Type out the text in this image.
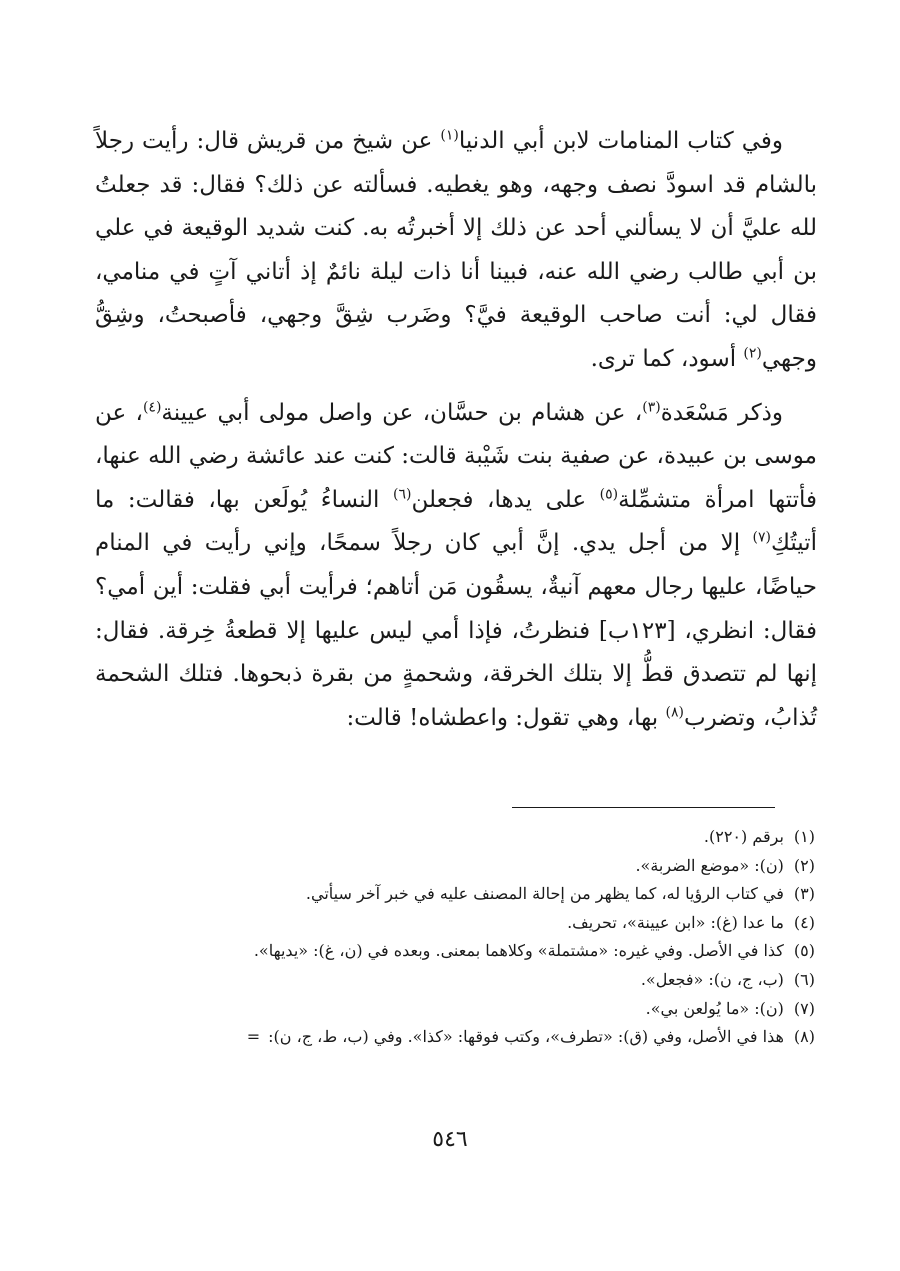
وفي كتاب المنامات لابن أبي الدنيا$^{(١)}$ عن شيخ من قريش قال: رأيت رجلاً بالشام قد اسودَّ نصف وجهه، وهو يغطيه. فسألته عن ذلك؟ فقال: قد جعلتُ لله عليَّ أن لا يسألني أحد عن ذلك إلا أخبرتُه به. كنت شديد الوقيعة في علي بن أبي طالب رضي الله عنه، فبينا أنا ذات ليلة نائمٌ إذ أتاني آتٍ في منامي، فقال لي: أنت صاحب الوقيعة فيَّ؟ وضَرب شِقَّ وجهي، فأصبحتُ، وشِقُّ وجهي$^{(٢)}$ أسود، كما ترى.

وذكر مَسْعَدة$^{(٣)}$، عن هشام بن حسَّان، عن واصل مولى أبي عيينة$^{(٤)}$، عن موسى بن عبيدة، عن صفية بنت شَيْبة قالت: كنت عند عائشة رضي الله عنها، فأتتها امرأة متشمِّلة$^{(٥)}$ على يدها، فجعلن$^{(٦)}$ النساءُ يُولَعن بها، فقالت: ما أتيتُكِ$^{(٧)}$ إلا من أجل يدي. إنَّ أبي كان رجلاً سمحًا، وإني رأيت في المنام حياضًا، عليها رجال معهم آنيةٌ، يسقُون مَن أتاهم؛ فرأيت أبي فقلت: أين أمي؟ فقال: انظري، [١٢٣ب] فنظرتُ، فإذا أمي ليس عليها إلا قطعةُ خِرقة. فقال: إنها لم تتصدق قطُّ إلا بتلك الخرقة، وشحمةٍ من بقرة ذبحوها. فتلك الشحمة تُذابُ، وتضرب$^{(٨)}$ بها، وهي تقول: واعطشاه! قالت:

(١)برقم (٢٢٠).

(٢)(ن): «موضع الضربة».

(٣)في كتاب الرؤيا له، كما يظهر من إحالة المصنف عليه في خبر آخر سيأتي.

(٤)ما عدا (غ): «ابن عيينة»، تحريف.

(٥)كذا في الأصل. وفي غيره: «مشتملة» وكلاهما بمعنى. وبعده في (ن، غ): «يديها».

(٦)(ب، ج، ن): «فجعل».

(٧)(ن): «ما يُولعن بي».

(٨)هذا في الأصل، وفي (ق): «تطرف»، وكتب فوقها: «كذا». وفي (ب، ط، ج، ن):=

٥٤٦
